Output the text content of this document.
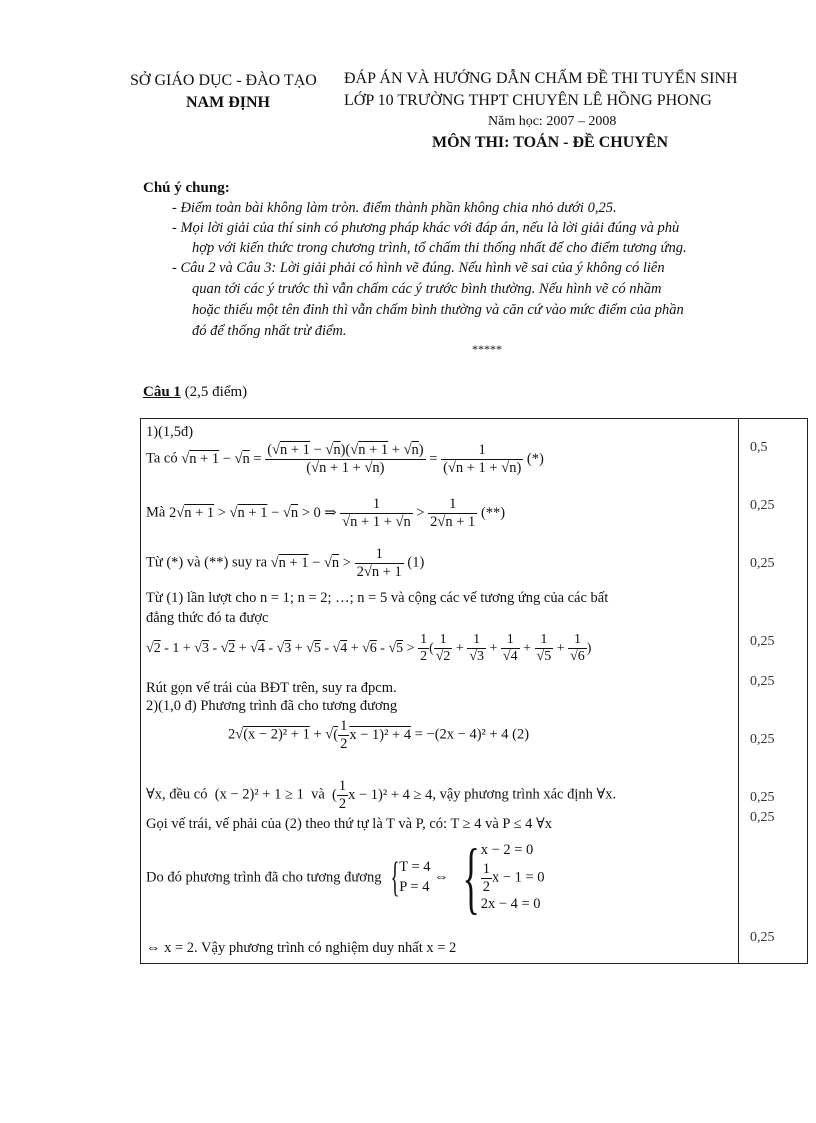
SỞ GIÁO DỤC - ĐÀO TẠO
NAM ĐỊNH
ĐÁP ÁN VÀ HƯỚNG DẪN CHẤM ĐỀ THI TUYỂN SINH
LỚP 10 TRƯỜNG THPT CHUYÊN LÊ HỒNG PHONG
Năm học: 2007 – 2008
MÔN THI: TOÁN - ĐỀ CHUYÊN
Chú ý chung:
- Điểm toàn bài không làm tròn. điểm thành phần không chia nhỏ dưới 0,25.
- Mọi lời giải của thí sinh có phương pháp khác với đáp án, nếu là lời giải đúng và phù
hợp với kiến thức trong chương trình, tổ chấm thi thống nhất để cho điểm tương ứng.
- Câu 2 và Câu 3: Lời giải phải có hình vẽ đúng. Nếu hình vẽ sai của ý không có liên
quan tới các ý trước thì vẫn chấm các ý trước bình thường. Nếu hình vẽ có nhầm
hoặc thiếu một tên đỉnh thì vẫn chấm bình thường và căn cứ vào mức điểm của phần
đó để thống nhất trừ điểm.
*****
Câu 1 (2,5 điểm)
1)(1,5đ)
Ta có $√n + 1 - √n = \frac{(√n + 1 - √n)(√n + 1 + √n)}{(√n + 1 + √n)} = \frac{1}{(√n + 1 + √n)}$ (*)
Mà 2√n + 1 > √n + 1 − √n > 0 ⇒ $\frac{1}{√n + 1 + √n} > \frac{1}{2√n + 1}$ (**)
Từ (*) và (**) suy ra $√n + 1 - √n > \frac{1}{2√n + 1} (1)$
Từ (1) lần lượt cho n = 1; n = 2; …; n = 5 và cộng các vế tương ứng của các bất
đẳng thức đó ta được
$√2 - 1 + √3 - √2 + √4 - √3 + √5 - √4 + √6 - √5 > \frac{1}{2}$ ( $\frac{1}{√2} + \frac{1}{√3} + \frac{1}{√4} + \frac{1}{√5} + \frac{1}{√6}$ )
Rút gọn vế trái của BĐT trên, suy ra đpcm.
2)(1,0 đ) Phương trình đã cho tương đương
2√(x − 2)² + 1 + √( $\frac{1}{2}$ x − 1)² + 4 = −(2x − 4)² + 4 (2)
∀x, đều có  (x − 2)² + 1 ≥ 1  và  ( $\frac{1}{2}$ x − 1)² + 4 ≥ 4, vậy phương trình xác định ∀x.
Gọi vế trái, vế phải của (2) theo thứ tự là T và P, có: T ≥ 4 và P ≤ 4 ∀x
Do đó phương trình đã cho tương đương { T = 4
P = 4
⇔ { x − 2 = 0
$\frac{1}{2}$ x − 1 = 0
2x − 4 = 0
⇔ x = 2. Vậy phương trình có nghiệm duy nhất x = 2
0,5
0,25
0,25
0,25
0,25
0,25
0,25
0,25
0,25
